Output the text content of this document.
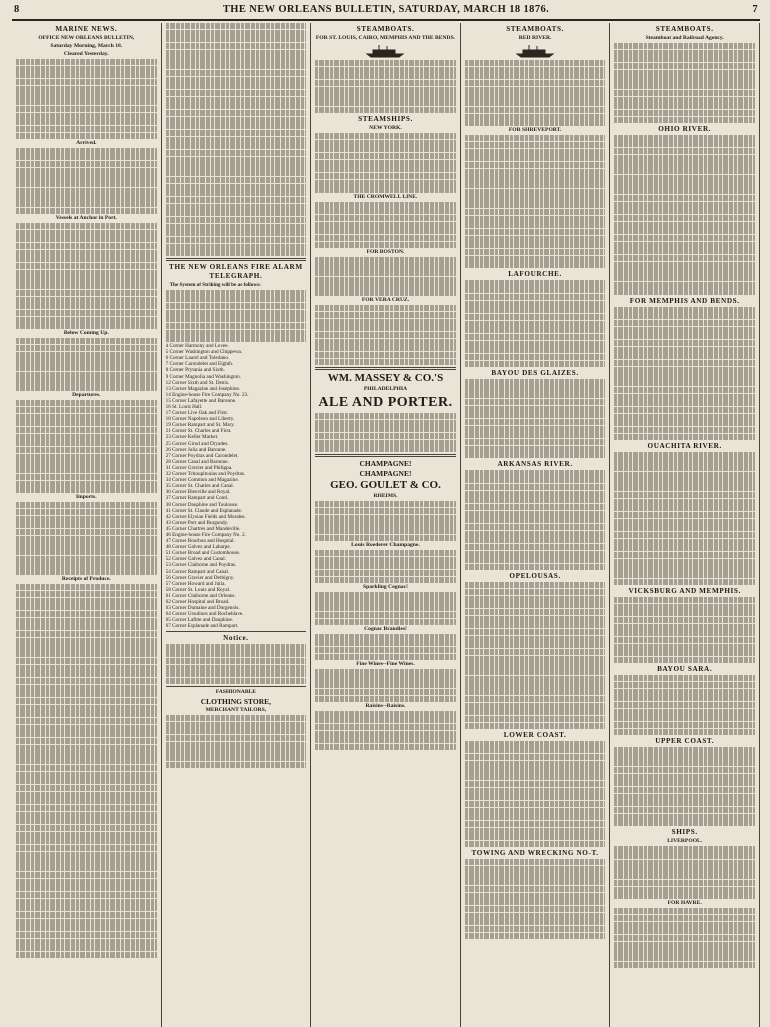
8	THE NEW ORLEANS BULLETIN, SATURDAY, MARCH 18 1876.	7
MARINE NEWS.
OFFICE NEW ORLEANS BULLETIN,
Saturday Morning, March 18.
Cleared Yesterday.
Arrived.
Vessels at Anchor in Port.
Below Coming Up.
Departures.
Imports.
Receipts of Produce.
THE NEW ORLEANS FIRE ALARM TELEGRAPH.
The System of Striking will be as follows:
4 Corner Harmony and Levee.
5 Corner Washington and Chippewa.
6 Corner Laurel and Toledano.
7 Corner Carondelet and Eighth.
8 Corner Prytania and Sixth.
9 Corner Magnolia and Washington.
12 Corner Sixth and St. Denis.
13 Corner Magazine and Josephine.
14 Engine-house Fire Company No. 23.
15 Corner Lafayette and Baronne.
16 St. Louis Hall.
17 Corner Live Oak and First.
18 Corner Napoleon and Liberty.
19 Corner Rampart and St. Mary.
21 Corner St. Charles and First.
23 Corner Keller Market.
25 Corner Girod and Dryades.
26 Corner Julia and Baronne.
27 Corner Poydras and Carondelet.
28 Corner Canal and Baronne.
31 Corner Gravier and Philippa.
32 Corner Tchoupitoulas and Poydras.
34 Corner Common and Magazine.
35 Corner St. Charles and Canal.
36 Corner Bienville and Royal.
37 Corner Rampart and Conti.
38 Corner Dauphine and Toulouse.
41 Corner St. Claude and Esplanade.
42 Corner Elysian Fields and Morales.
43 Corner Port and Burgundy.
45 Corner Chartres and Mandeville.
46 Engine-house Fire Company No. 2.
47 Corner Bourbon and Hospital.
48 Corner Galvez and Laharpe.
51 Corner Broad and Customhouse.
52 Corner Galvez and Canal.
53 Corner Claiborne and Poydras.
54 Corner Rampart and Canal.
56 Corner Gravier and Derbigny.
57 Corner Howard and Julia.
58 Corner St. Louis and Royal.
61 Corner Claiborne and Orleans.
62 Corner Hospital and Broad.
63 Corner Dumaine and Dorgenois.
64 Corner Ursulines and Rocheblave.
65 Corner Lafitte and Dauphine.
67 Corner Esplanade and Rampart.
Notice.
FASHIONABLE
CLOTHING STORE,
MERCHANT TAILORS,
STEAMBOATS.
FOR ST. LOUIS, CAIRO, MEMPHIS AND THE BENDS.
STEAMSHIPS.
NEW YORK.
THE CROMWELL LINE.
FOR BOSTON.
FOR VERA CRUZ.
WM. MASSEY & CO.'S
PHILADELPHIA
ALE AND PORTER.
CHAMPAGNE!
CHAMPAGNE!
GEO. GOULET & CO.
RHEIMS.
Louis Roederer Champagne.
Sparkling Cognac!
Cognac Brandies!
Fine Wines--Fine Wines.
Raisins--Raisins.
STEAMBOATS.
RED RIVER.
FOR SHREVEPORT.
LAFOURCHE.
BAYOU DES GLAIZES.
ARKANSAS RIVER.
OPELOUSAS.
LOWER COAST.
TOWING AND WRECKING NO-T.
STEAMBOATS.
Steamboat and Railroad Agency.
OHIO RIVER.
FOR MEMPHIS AND BENDS.
OUACHITA RIVER.
VICKSBURG AND MEMPHIS.
BAYOU SARA.
UPPER COAST.
SHIPS.
LIVERPOOL.
FOR HAVRE.
